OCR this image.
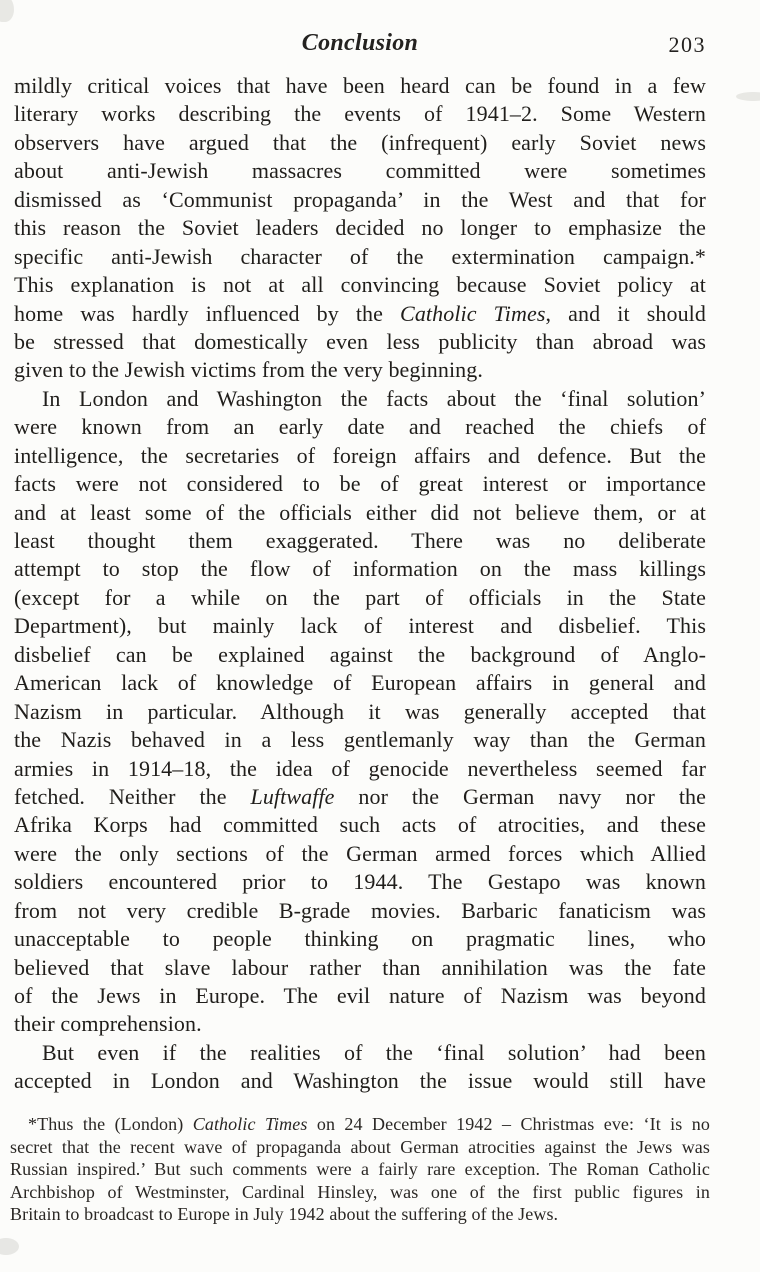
Conclusion	203
mildly critical voices that have been heard can be found in a few
literary works describing the events of 1941–2. Some Western
observers have argued that the (infrequent) early Soviet news
about anti-Jewish massacres committed were sometimes
dismissed as ‘Communist propaganda’ in the West and that for
this reason the Soviet leaders decided no longer to emphasize the
specific anti-Jewish character of the extermination campaign.*
This explanation is not at all convincing because Soviet policy at
home was hardly influenced by the Catholic Times, and it should
be stressed that domestically even less publicity than abroad was
given to the Jewish victims from the very beginning.
In London and Washington the facts about the ‘final solution’
were known from an early date and reached the chiefs of
intelligence, the secretaries of foreign affairs and defence. But the
facts were not considered to be of great interest or importance
and at least some of the officials either did not believe them, or at
least thought them exaggerated. There was no deliberate
attempt to stop the flow of information on the mass killings
(except for a while on the part of officials in the State
Department), but mainly lack of interest and disbelief. This
disbelief can be explained against the background of Anglo-
American lack of knowledge of European affairs in general and
Nazism in particular. Although it was generally accepted that
the Nazis behaved in a less gentlemanly way than the German
armies in 1914–18, the idea of genocide nevertheless seemed far
fetched. Neither the Luftwaffe nor the German navy nor the
Afrika Korps had committed such acts of atrocities, and these
were the only sections of the German armed forces which Allied
soldiers encountered prior to 1944. The Gestapo was known
from not very credible B-grade movies. Barbaric fanaticism was
unacceptable to people thinking on pragmatic lines, who
believed that slave labour rather than annihilation was the fate
of the Jews in Europe. The evil nature of Nazism was beyond
their comprehension.
But even if the realities of the ‘final solution’ had been
accepted in London and Washington the issue would still have
*Thus the (London) Catholic Times on 24 December 1942 – Christmas eve: ‘It is no
secret that the recent wave of propaganda about German atrocities against the Jews was
Russian inspired.’ But such comments were a fairly rare exception. The Roman Catholic
Archbishop of Westminster, Cardinal Hinsley, was one of the first public figures in
Britain to broadcast to Europe in July 1942 about the suffering of the Jews.
